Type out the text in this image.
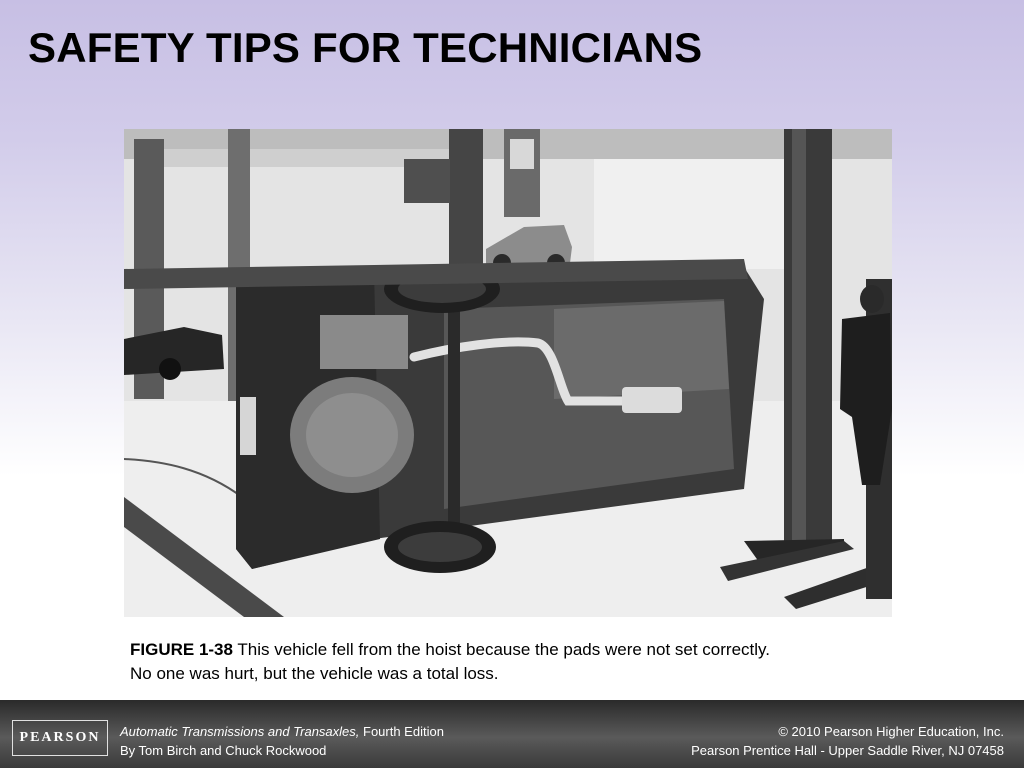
SAFETY TIPS FOR TECHNICIANS
FIGURE 1-38 This vehicle fell from the hoist because the pads were not set correctly.
No one was hurt, but the vehicle was a total loss.
PEARSON	Automatic Transmissions and Transaxles, Fourth Edition
By Tom Birch and Chuck Rockwood
© 2010 Pearson Higher Education, Inc.
Pearson Prentice Hall - Upper Saddle River, NJ 07458
